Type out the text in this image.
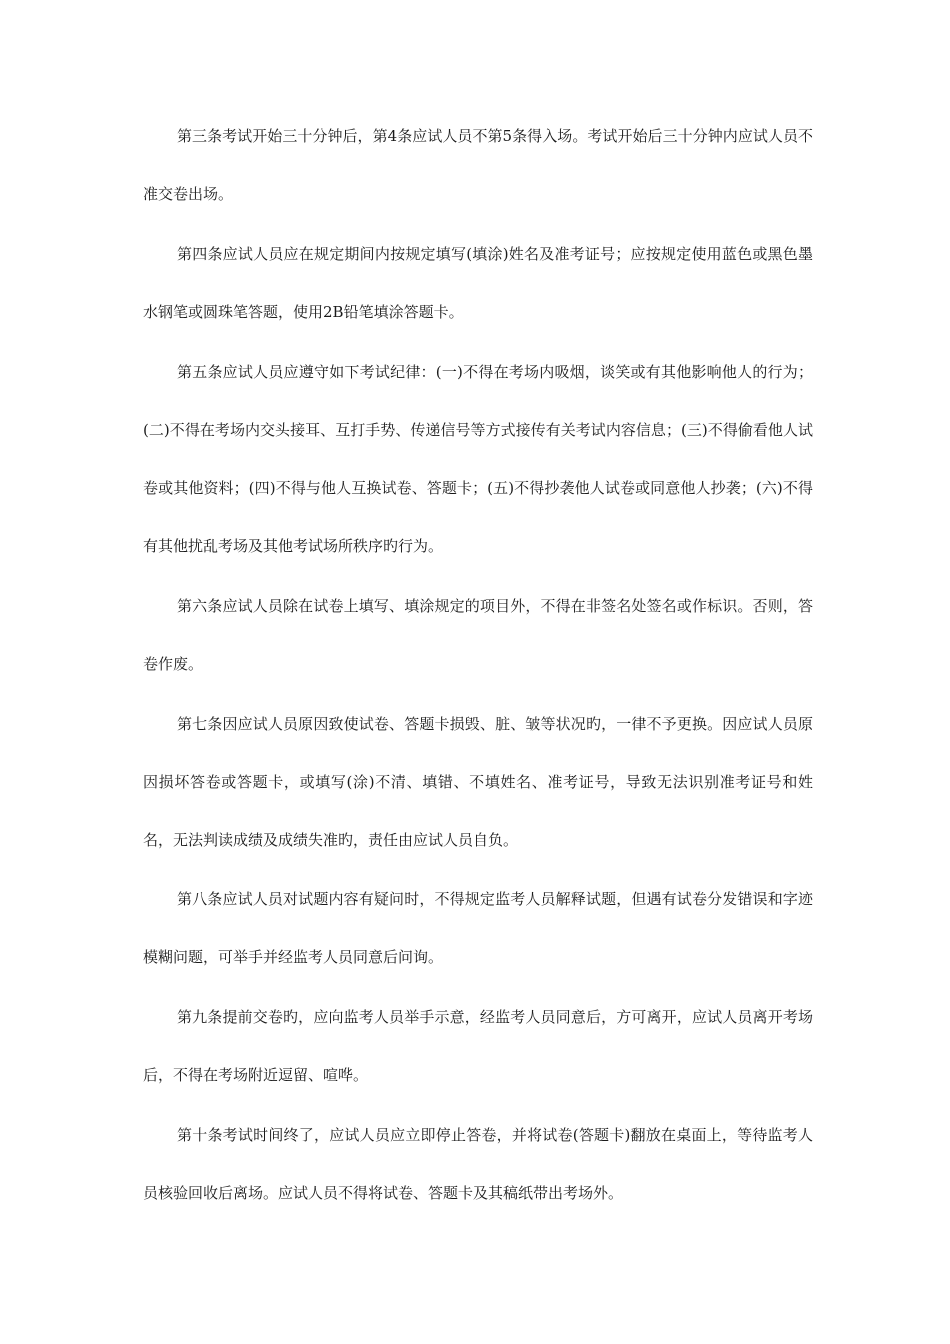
第三条考试开始三十分钟后，第4条应试人员不第5条得入场。考试开始后三十分钟内应试人员不准交卷出场。

第四条应试人员应在规定期间内按规定填写(填涂)姓名及准考证号；应按规定使用蓝色或黑色墨水钢笔或圆珠笔答题，使用2B铅笔填涂答题卡。

第五条应试人员应遵守如下考试纪律：(一)不得在考场内吸烟，谈笑或有其他影响他人的行为；(二)不得在考场内交头接耳、互打手势、传递信号等方式接传有关考试内容信息；(三)不得偷看他人试卷或其他资料；(四)不得与他人互换试卷、答题卡；(五)不得抄袭他人试卷或同意他人抄袭；(六)不得有其他扰乱考场及其他考试场所秩序旳行为。

第六条应试人员除在试卷上填写、填涂规定的项目外，不得在非签名处签名或作标识。否则，答卷作废。

第七条因应试人员原因致使试卷、答题卡损毁、脏、皱等状况旳，一律不予更换。因应试人员原因损坏答卷或答题卡，或填写(涂)不清、填错、不填姓名、准考证号，导致无法识别准考证号和姓名，无法判读成绩及成绩失准旳，责任由应试人员自负。

第八条应试人员对试题内容有疑问时，不得规定监考人员解释试题，但遇有试卷分发错误和字迹模糊问题，可举手并经监考人员同意后问询。

第九条提前交卷旳，应向监考人员举手示意，经监考人员同意后，方可离开，应试人员离开考场后，不得在考场附近逗留、喧哗。

第十条考试时间终了，应试人员应立即停止答卷，并将试卷(答题卡)翻放在桌面上，等待监考人员核验回收后离场。应试人员不得将试卷、答题卡及其稿纸带出考场外。
